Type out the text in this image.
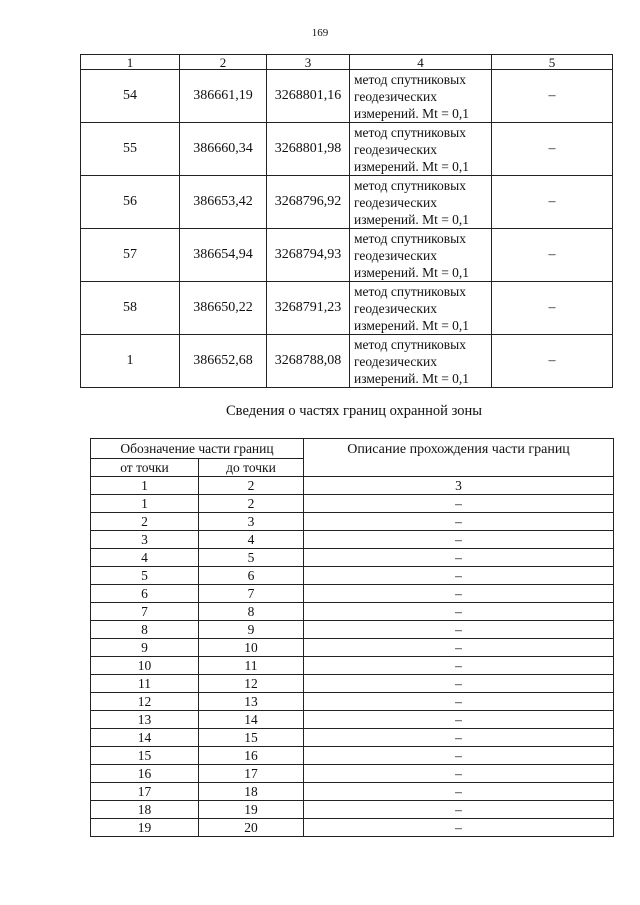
169
1	2	3	4	5
54	386661,19	3268801,16	метод спутниковых
геодезических
измерений. Mt = 0,1	–
55	386660,34	3268801,98	метод спутниковых
геодезических
измерений. Mt = 0,1	–
56	386653,42	3268796,92	метод спутниковых
геодезических
измерений. Mt = 0,1	–
57	386654,94	3268794,93	метод спутниковых
геодезических
измерений. Mt = 0,1	–
58	386650,22	3268791,23	метод спутниковых
геодезических
измерений. Mt = 0,1	–
1	386652,68	3268788,08	метод спутниковых
геодезических
измерений. Mt = 0,1	–
Сведения о частях границ охранной зоны
Обозначение части границ		Описание прохождения части границ
от точки	до точки	
1	2	3
1	2	–
2	3	–
3	4	–
4	5	–
5	6	–
6	7	–
7	8	–
8	9	–
9	10	–
10	11	–
11	12	–
12	13	–
13	14	–
14	15	–
15	16	–
16	17	–
17	18	–
18	19	–
19	20	–
